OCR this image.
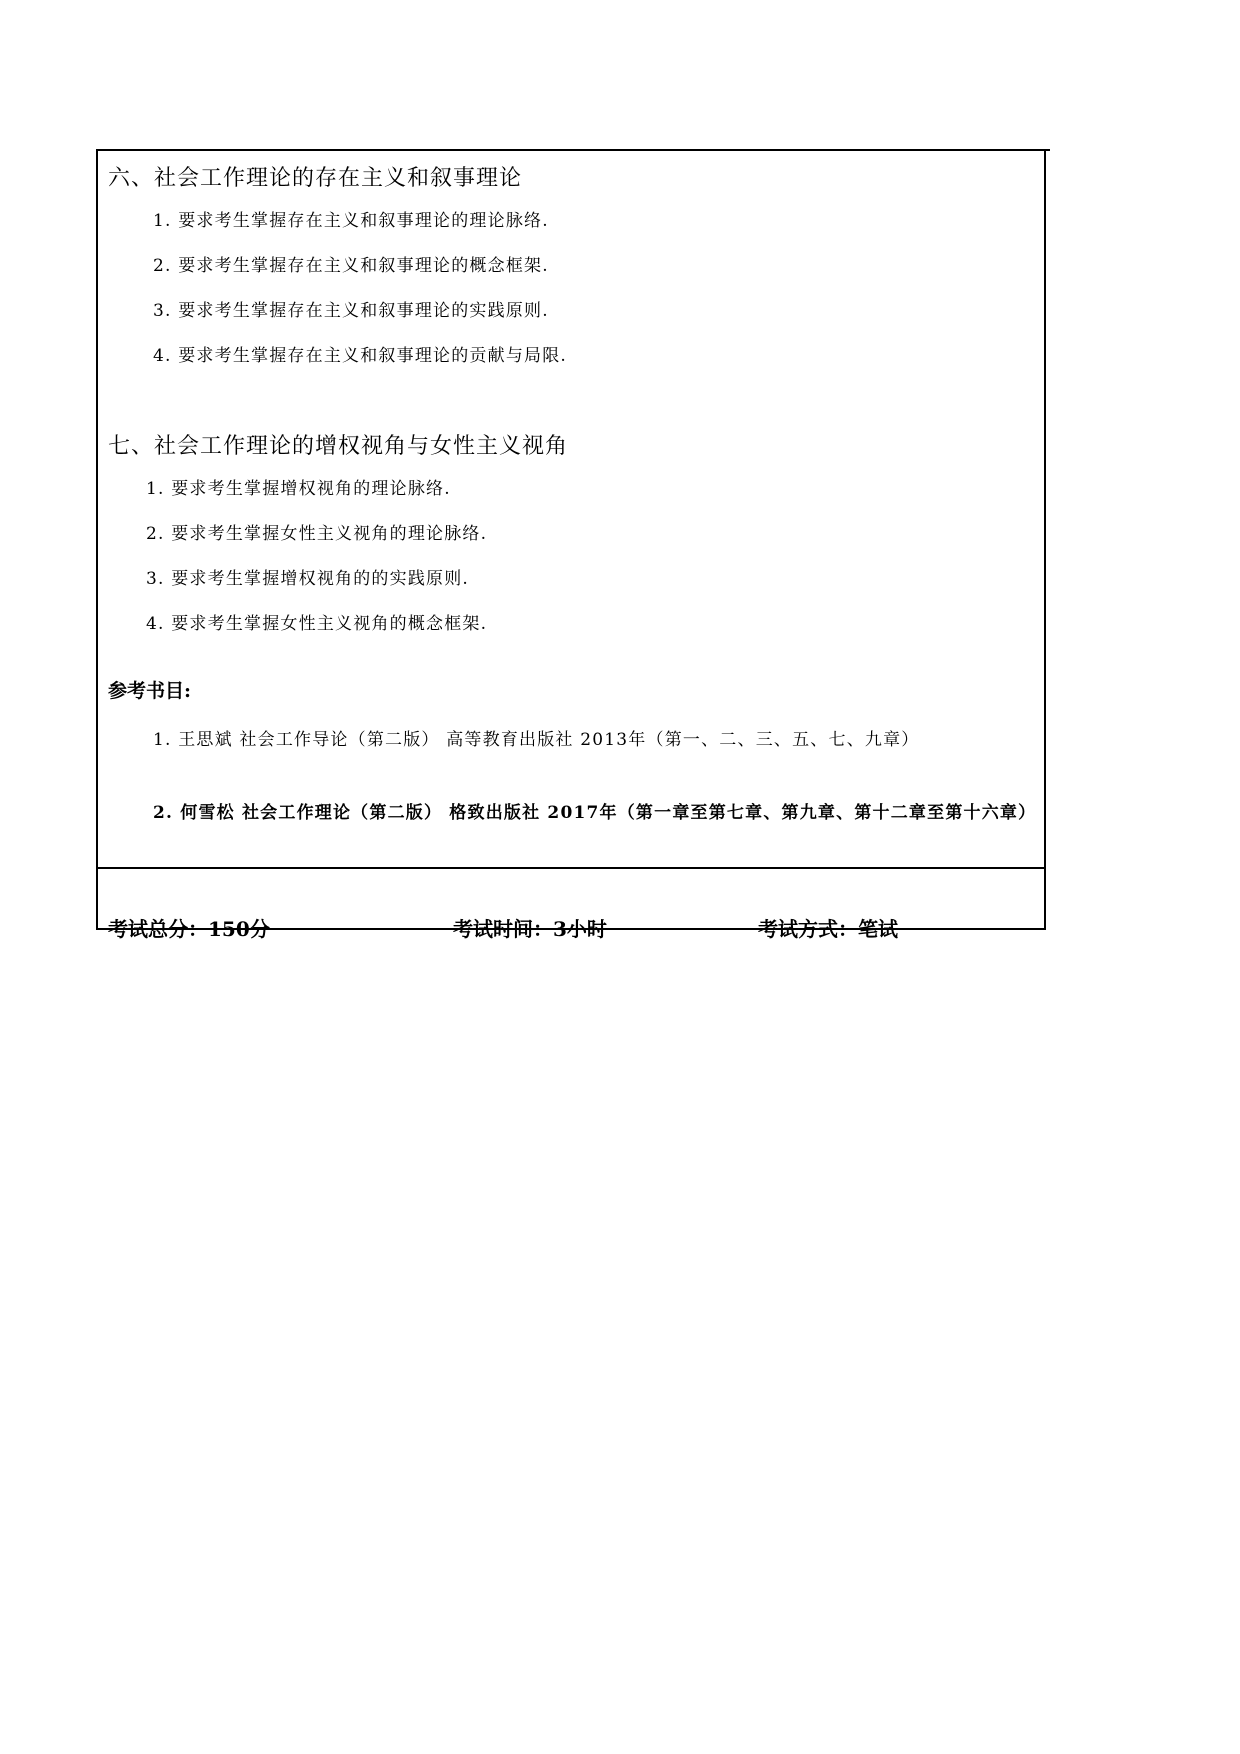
六、社会工作理论的存在主义和叙事理论
1. 要求考生掌握存在主义和叙事理论的理论脉络.
2. 要求考生掌握存在主义和叙事理论的概念框架.
3. 要求考生掌握存在主义和叙事理论的实践原则.
4. 要求考生掌握存在主义和叙事理论的贡献与局限.
七、社会工作理论的增权视角与女性主义视角
1. 要求考生掌握增权视角的理论脉络.
2. 要求考生掌握女性主义视角的理论脉络.
3. 要求考生掌握增权视角的的实践原则.
4. 要求考生掌握女性主义视角的概念框架.
参考书目:
1. 王思斌 社会工作导论（第二版） 高等教育出版社 2013年（第一、二、三、五、七、九章）
2. 何雪松 社会工作理论（第二版） 格致出版社 2017年（第一章至第七章、第九章、第十二章至第十六章）
考试总分：150分	考试时间：3小时	考试方式：笔试
